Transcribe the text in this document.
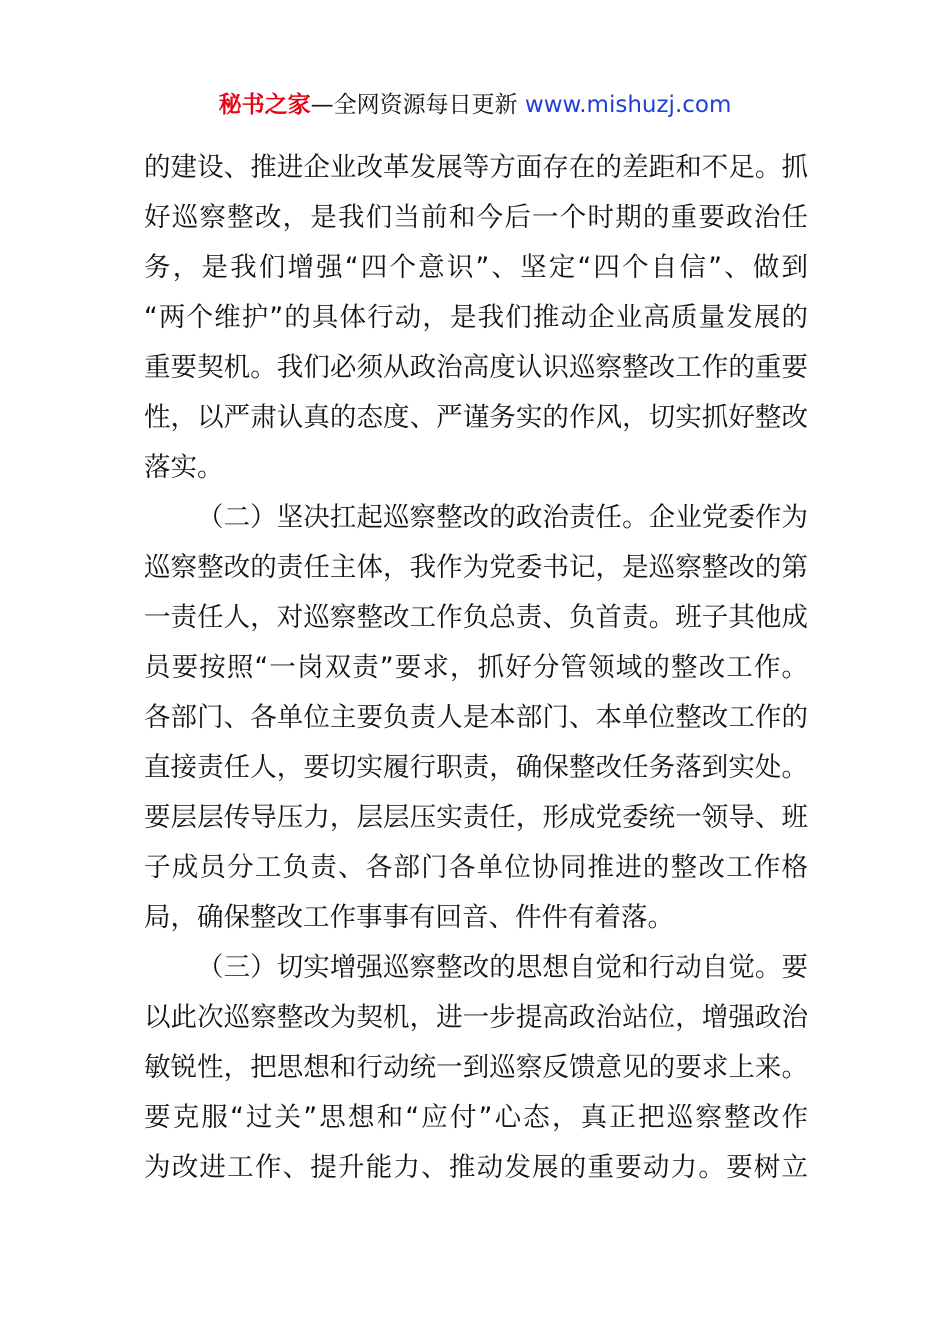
秘书之家—全网资源每日更新 www.mishuzj.com
的建设、推进企业改革发展等方面存在的差距和不足。抓
好巡察整改，是我们当前和今后一个时期的重要政治任
务，是我们增强“四个意识”、坚定“四个自信”、做到
“两个维护”的具体行动，是我们推动企业高质量发展的
重要契机。我们必须从政治高度认识巡察整改工作的重要
性，以严肃认真的态度、严谨务实的作风，切实抓好整改
落实。
（二）坚决扛起巡察整改的政治责任。企业党委作为
巡察整改的责任主体，我作为党委书记，是巡察整改的第
一责任人，对巡察整改工作负总责、负首责。班子其他成
员要按照“一岗双责”要求，抓好分管领域的整改工作。
各部门、各单位主要负责人是本部门、本单位整改工作的
直接责任人，要切实履行职责，确保整改任务落到实处。
要层层传导压力，层层压实责任，形成党委统一领导、班
子成员分工负责、各部门各单位协同推进的整改工作格
局，确保整改工作事事有回音、件件有着落。
（三）切实增强巡察整改的思想自觉和行动自觉。要
以此次巡察整改为契机，进一步提高政治站位，增强政治
敏锐性，把思想和行动统一到巡察反馈意见的要求上来。
要克服“过关”思想和“应付”心态，真正把巡察整改作
为改进工作、提升能力、推动发展的重要动力。要树立
